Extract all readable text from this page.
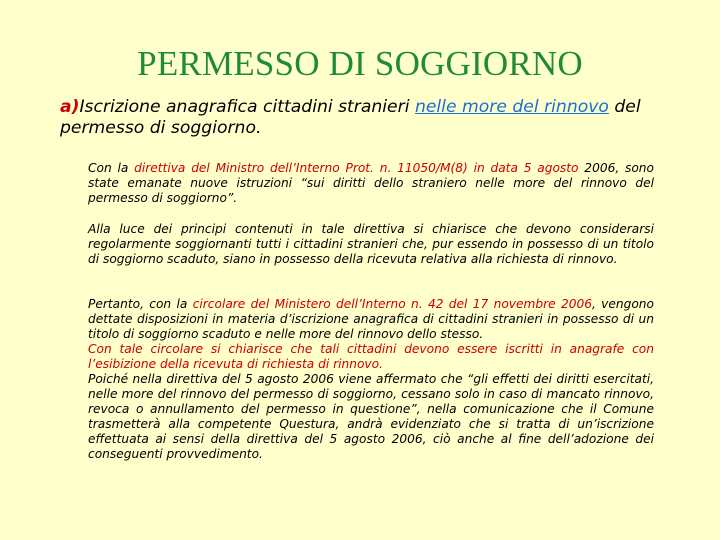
PERMESSO DI SOGGIORNO
a)Iscrizione anagrafica cittadini stranieri nelle more del rinnovo del permesso di soggiorno.
Con la direttiva del Ministro dell’Interno Prot. n. 11050/M(8) in data 5 agosto 2006, sono state emanate nuove istruzioni “sui diritti dello straniero nelle more del rinnovo del permesso di soggiorno”.
Alla luce dei principi contenuti in tale direttiva si chiarisce che devono considerarsi regolarmente soggiornanti tutti i cittadini stranieri che, pur essendo in possesso di un titolo di soggiorno scaduto, siano in possesso della ricevuta relativa alla richiesta di rinnovo.
Pertanto, con la circolare del Ministero dell’Interno n. 42 del 17 novembre 2006, vengono dettate disposizioni in materia d’iscrizione anagrafica di cittadini stranieri in possesso di un titolo di soggiorno scaduto e nelle more del rinnovo dello stesso.
Con tale circolare si chiarisce che tali cittadini devono essere iscritti in anagrafe con l’esibizione della ricevuta di richiesta di rinnovo.
Poiché nella direttiva del 5 agosto 2006 viene affermato che “gli effetti dei diritti esercitati, nelle more del rinnovo del permesso di soggiorno, cessano solo in caso di mancato rinnovo, revoca o annullamento del permesso in questione”, nella comunicazione che il Comune trasmetterà alla competente Questura, andrà evidenziato che si tratta di un’iscrizione effettuata ai sensi della direttiva del 5 agosto 2006, ciò anche al fine dell’adozione dei conseguenti provvedimento.
